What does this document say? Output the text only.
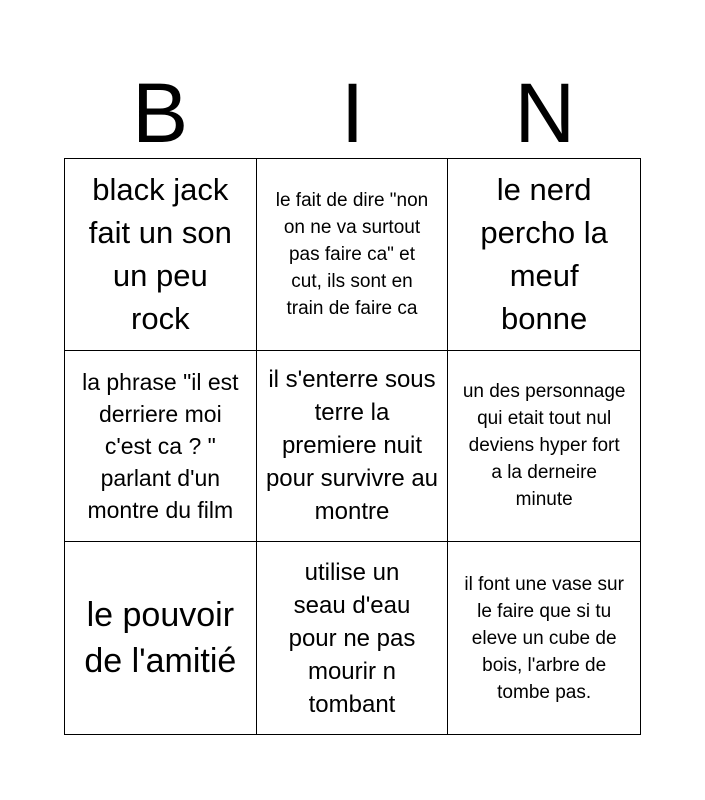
B	I	N
black jack fait un son un peu rock
le fait de dire "non on ne va surtout pas faire ca" et cut, ils sont en train de faire ca
le nerd percho la meuf bonne
la phrase "il est derriere moi c'est ca ? " parlant d'un montre du film
il s'enterre sous terre la premiere nuit pour survivre au montre
un des personnage qui etait tout nul deviens hyper fort a la derneire minute
le pouvoir de l'amitié
utilise un seau d'eau pour ne pas mourir n tombant
il font une vase sur le faire que si tu eleve un cube de bois, l'arbre de tombe pas.
